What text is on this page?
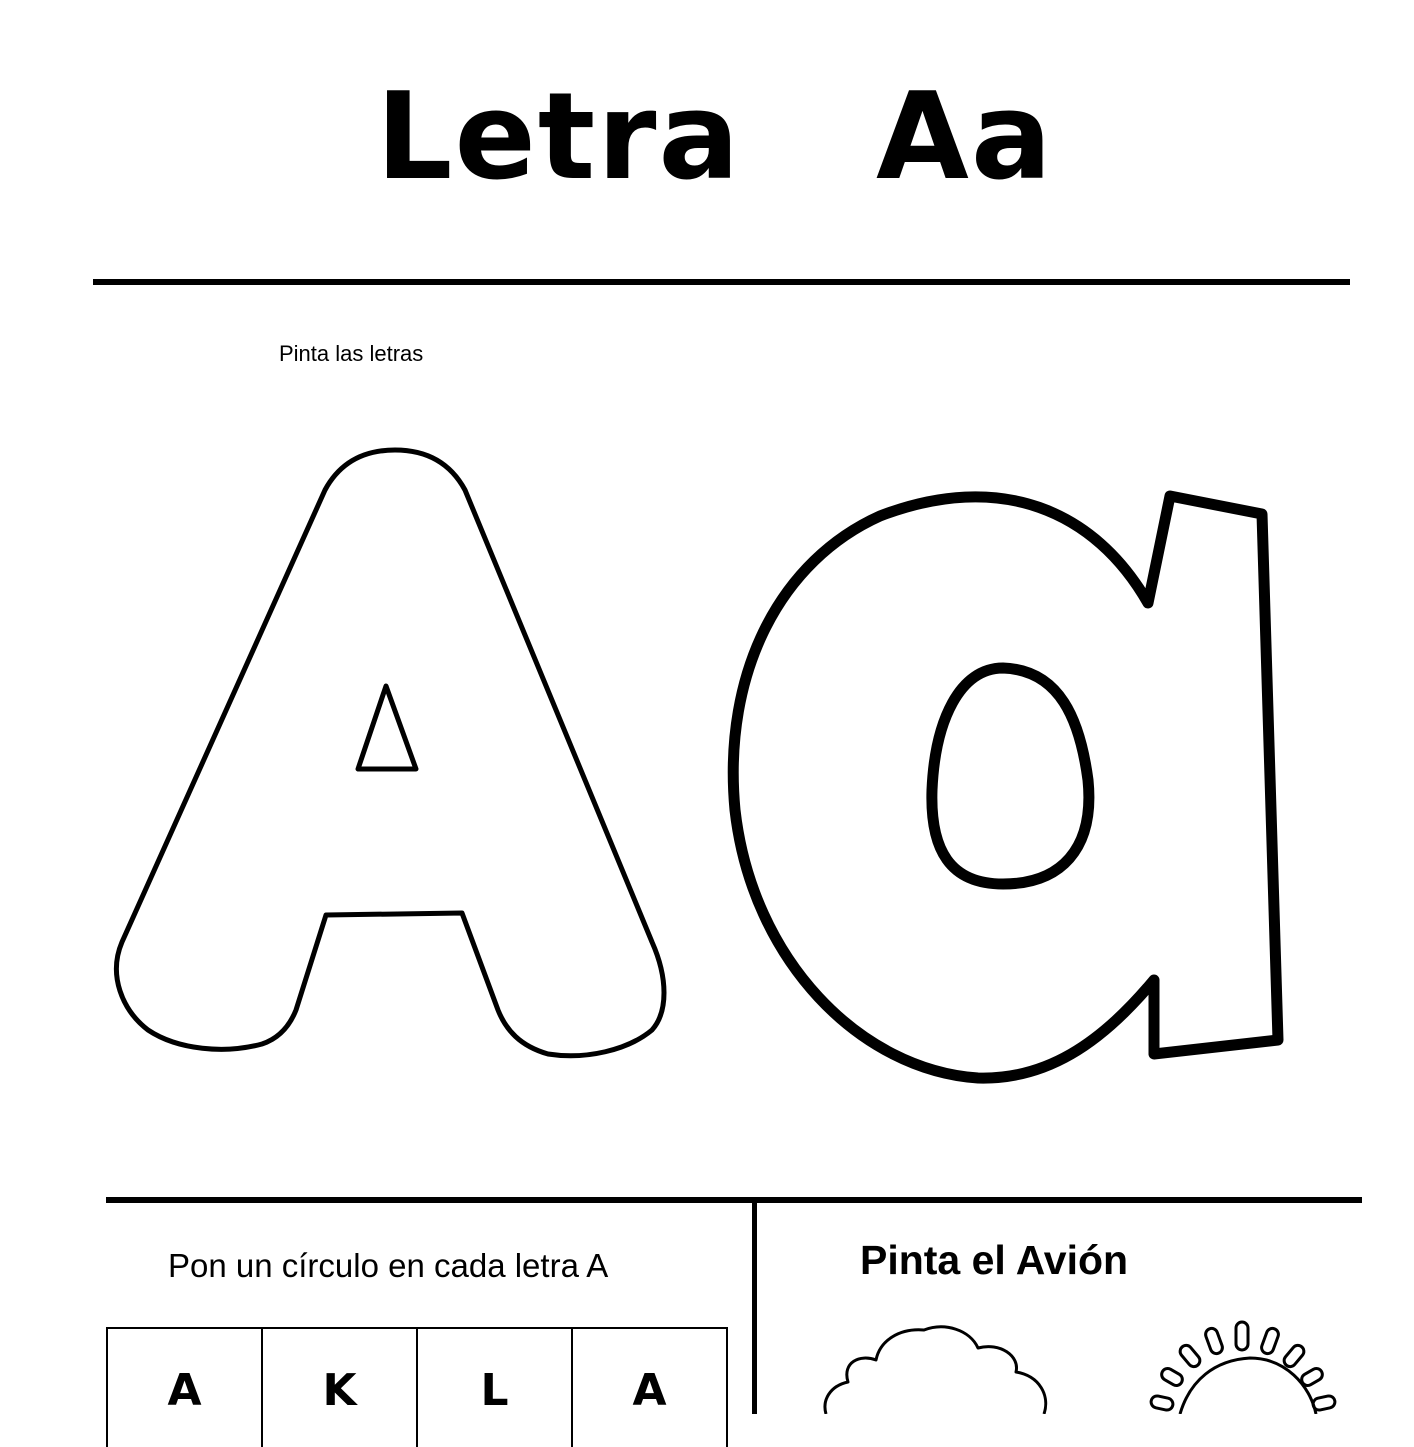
Letra Aa
Pinta las letras
Pon un círculo en cada letra A
A	K	L	A
Pinta el Avión
